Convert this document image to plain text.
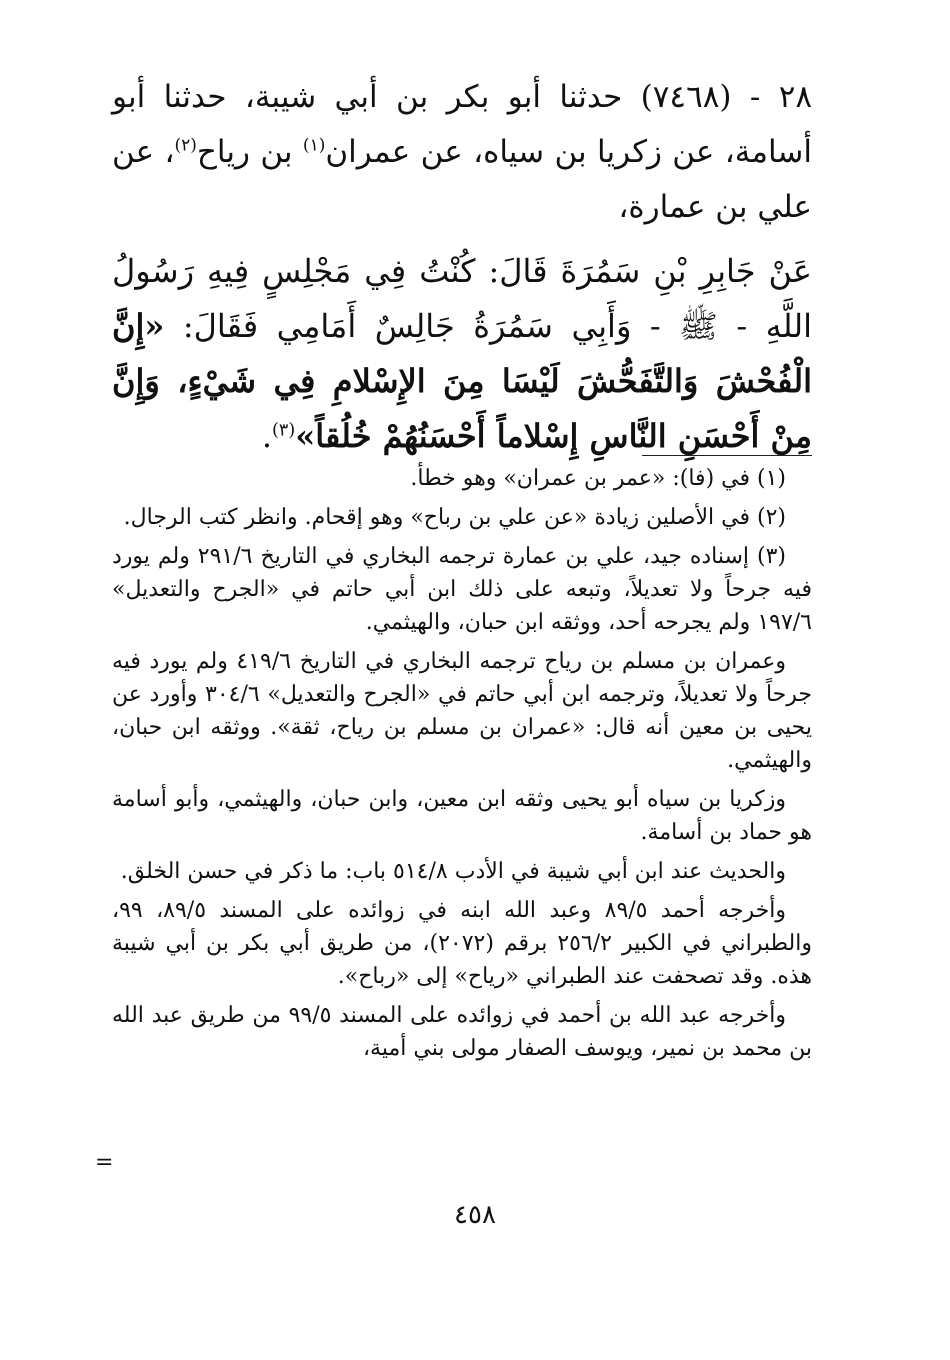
٢٨ - (٧٤٦٨) حدثنا أبو بكر بن أبي شيبة، حدثنا أبو أسامة، عن زكريا بن سياه، عن عمران$^{(١)}$ بن رياح$^{(٢)}$، عن علي بن عمارة،
عَنْ جَابِرِ بْنِ سَمُرَةَ قَالَ: كُنْتُ فِي مَجْلِسٍ فِيهِ رَسُولُ اللَّهِ - ﷺ - وَأَبِي سَمُرَةُ جَالِسٌ أَمَامِي فَقَالَ: «إِنَّ الْفُحْشَ وَالتَّفَحُّشَ لَيْسَا مِنَ الإِسْلامِ فِي شَيْءٍ، وَإِنَّ مِنْ أَحْسَنِ النَّاسِ إِسْلاماً أَحْسَنُهُمْ خُلُقاً»$^{(٣)}$.

(١) في (فا): «عمر بن عمران» وهو خطأ.

(٢) في الأصلين زيادة «عن علي بن رباح» وهو إقحام. وانظر كتب الرجال.

(٣) إسناده جيد، علي بن عمارة ترجمه البخاري في التاريخ ٢٩١/٦ ولم يورد فيه جرحاً ولا تعديلاً، وتبعه على ذلك ابن أبي حاتم في «الجرح والتعديل» ١٩٧/٦ ولم يجرحه أحد، ووثقه ابن حبان، والهيثمي.

وعمران بن مسلم بن رياح ترجمه البخاري في التاريخ ٤١٩/٦ ولم يورد فيه جرحاً ولا تعديلاً، وترجمه ابن أبي حاتم في «الجرح والتعديل» ٣٠٤/٦ وأورد عن يحيى بن معين أنه قال: «عمران بن مسلم بن رياح، ثقة». ووثقه ابن حبان، والهيثمي.

وزكريا بن سياه أبو يحيى وثقه ابن معين، وابن حبان، والهيثمي، وأبو أسامة هو حماد بن أسامة.

والحديث عند ابن أبي شيبة في الأدب ٥١٤/٨ باب: ما ذكر في حسن الخلق.

وأخرجه أحمد ٨٩/٥ وعبد الله ابنه في زوائده على المسند ٨٩/٥، ٩٩، والطبراني في الكبير ٢٥٦/٢ برقم (٢٠٧٢)، من طريق أبي بكر بن أبي شيبة هذه. وقد تصحفت عند الطبراني «رياح» إلى «رباح».

وأخرجه عبد الله بن أحمد في زوائده على المسند ٩٩/٥ من طريق عبد الله بن محمد بن نمير، ويوسف الصفار مولى بني أمية،

=
٤٥٨
